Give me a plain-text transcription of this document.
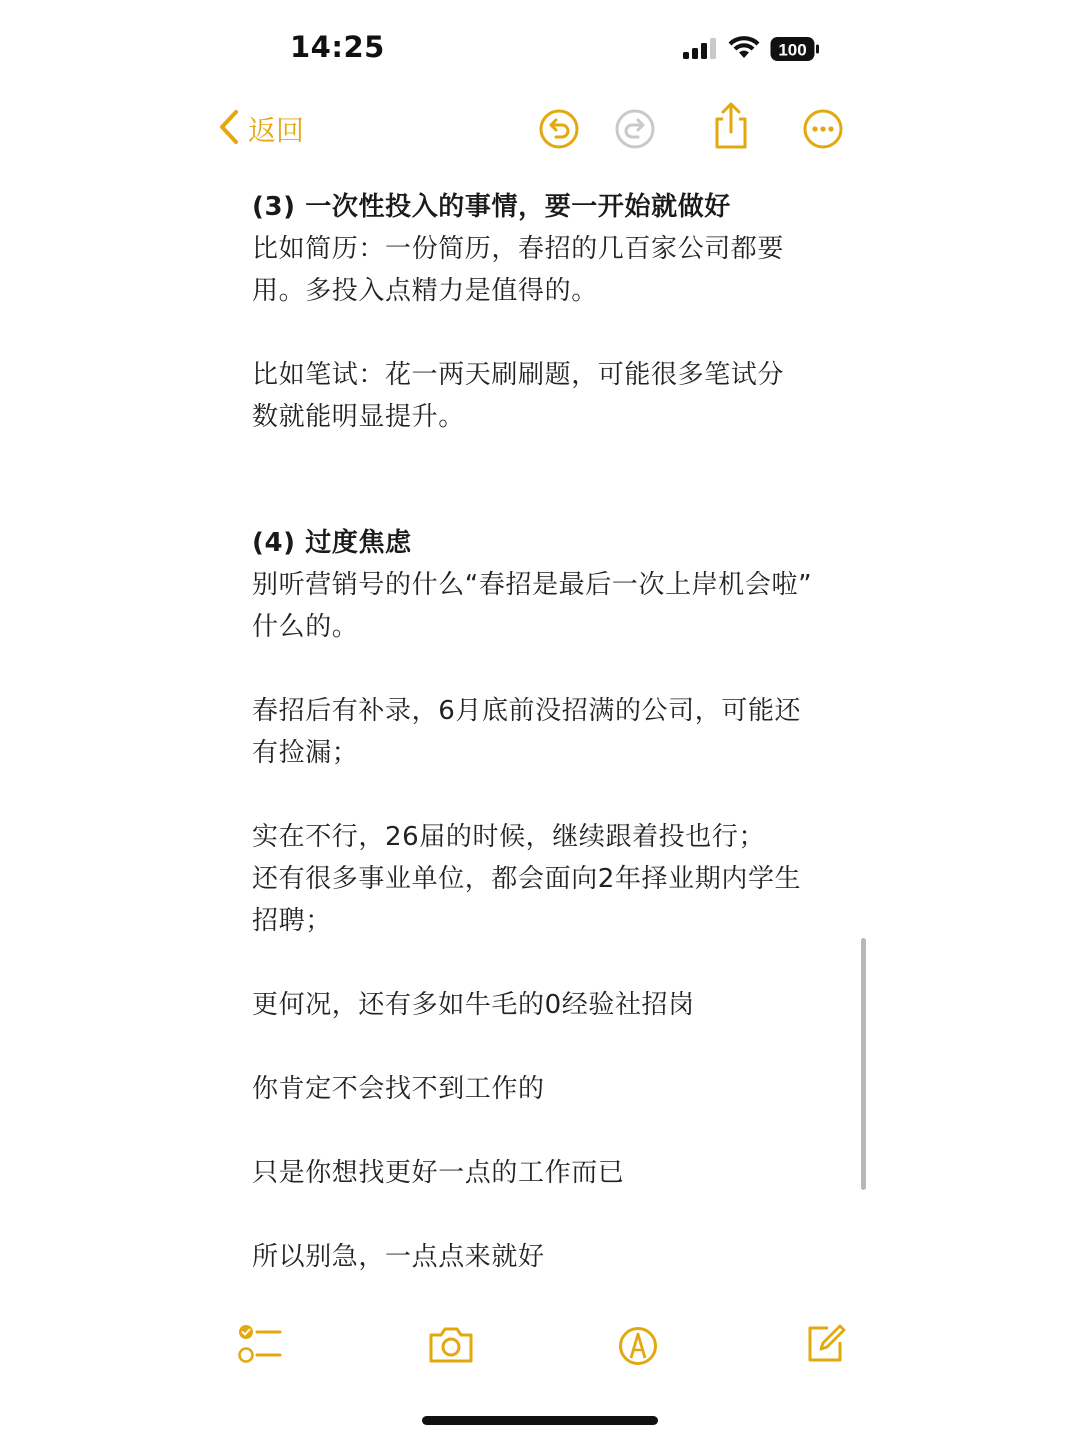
14:25	100
返回

(3) 一次性投入的事情，要一开始就做好

比如简历：一份简历，春招的几百家公司都要
用。多投入点精力是值得的。

比如笔试：花一两天刷刷题，可能很多笔试分
数就能明显提升。

(4) 过度焦虑

别听营销号的什么“春招是最后一次上岸机会啦”
什么的。

春招后有补录，6月底前没招满的公司，可能还
有捡漏；

实在不行，26届的时候，继续跟着投也行；
还有很多事业单位，都会面向2年择业期内学生
招聘；

更何况，还有多如牛毛的0经验社招岗

你肯定不会找不到工作的

只是你想找更好一点的工作而已

所以别急，一点点来就好
